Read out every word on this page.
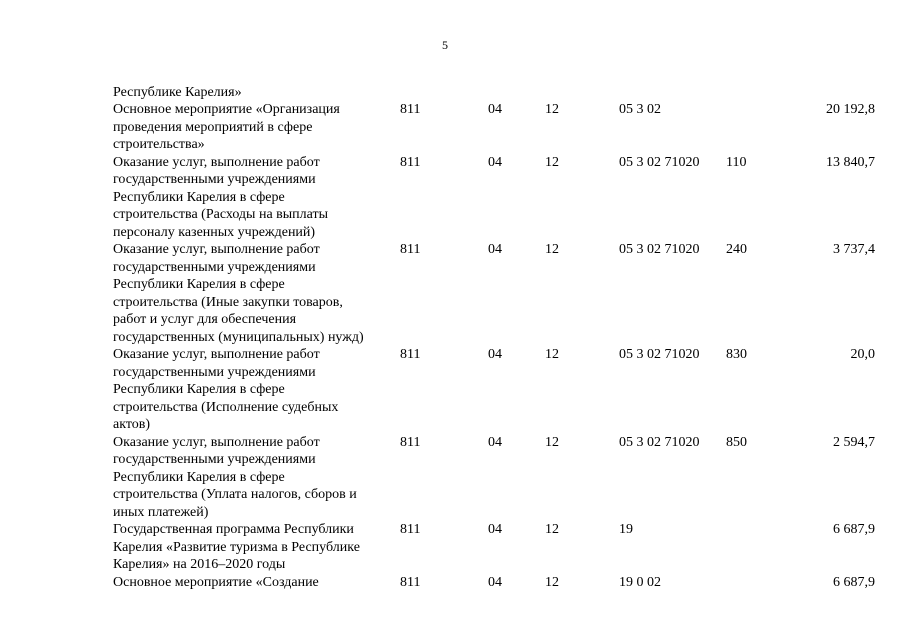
5
Республике Карелия»
Основное мероприятие «Организация
проведения мероприятий в сфере
строительства»
811	04	12	05 3 02	20 192,8
Оказание услуг, выполнение работ
государственными учреждениями
Республики Карелия в сфере
строительства (Расходы на выплаты
персоналу казенных учреждений)
811	04	12	05 3 02 71020 110	13 840,7
Оказание услуг, выполнение работ
государственными учреждениями
Республики Карелия в сфере
строительства (Иные закупки товаров,
работ и услуг для обеспечения
государственных (муниципальных) нужд)
811	04	12	05 3 02 71020 240	3 737,4
Оказание услуг, выполнение работ
государственными учреждениями
Республики Карелия в сфере
строительства (Исполнение судебных
актов)
811	04	12	05 3 02 71020 830	20,0
Оказание услуг, выполнение работ
государственными учреждениями
Республики Карелия в сфере
строительства (Уплата налогов, сборов и
иных платежей)
811	04	12	05 3 02 71020 850	2 594,7
Государственная программа Республики
Карелия «Развитие туризма в Республике
Карелия» на 2016–2020 годы
811	04	12	19	6 687,9
Основное мероприятие «Создание	811	04	12	19 0 02	6 687,9
